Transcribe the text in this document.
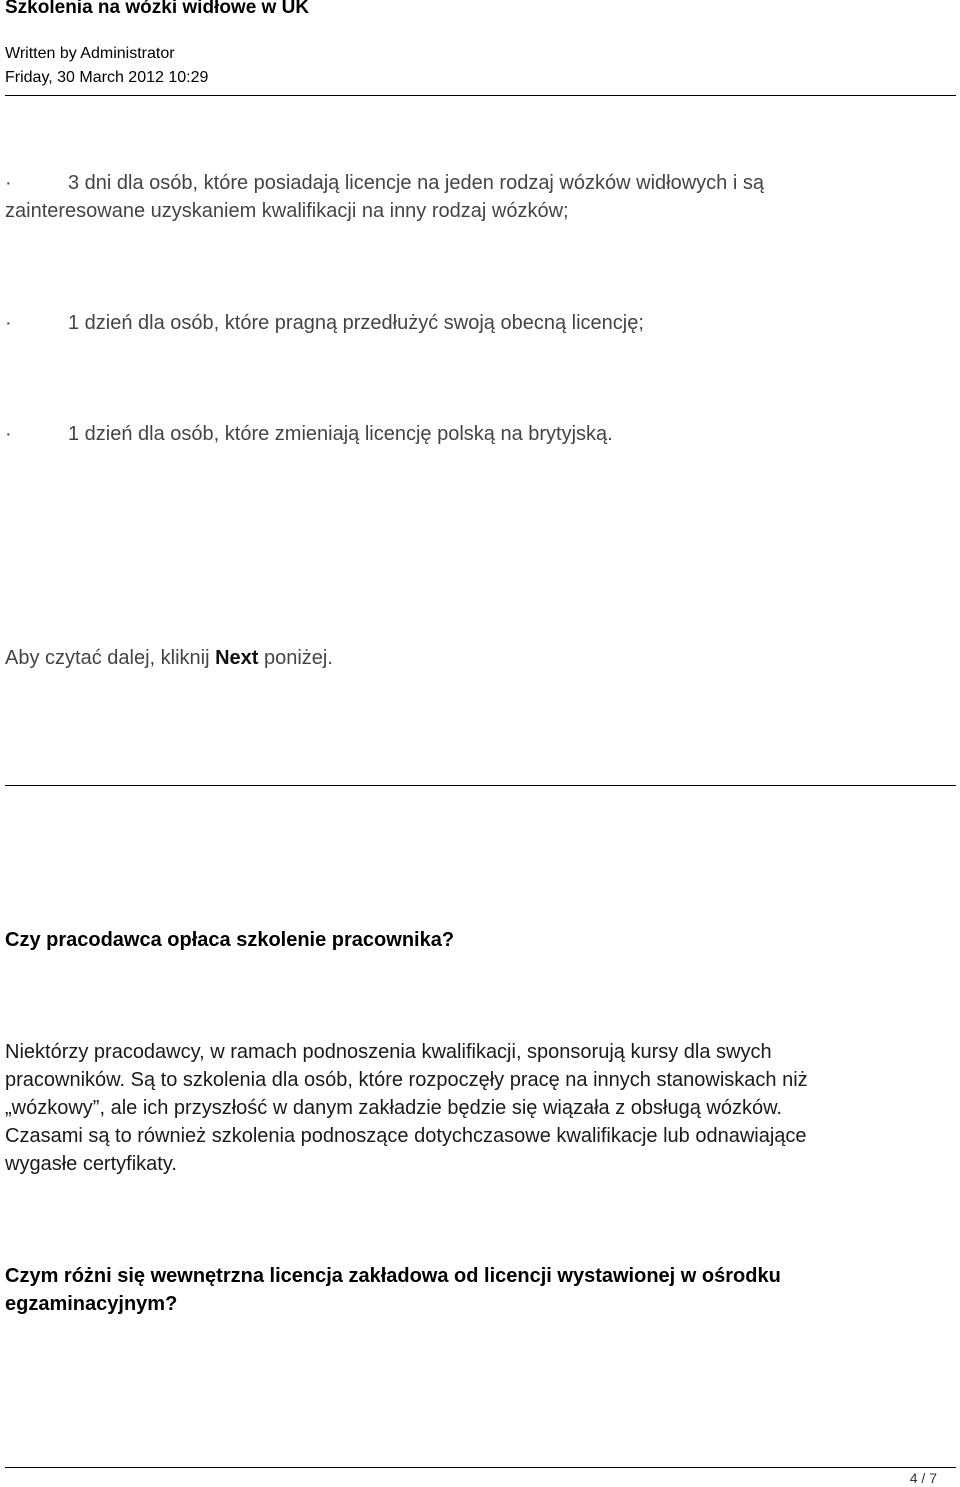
Szkolenia na wózki widłowe w UK
Written by Administrator
Friday, 30 March 2012 10:29
·	3 dni dla osób, które posiadają licencje na jeden rodzaj wózków widłowych i są
zainteresowane uzyskaniem kwalifikacji na inny rodzaj wózków;
·	1 dzień dla osób, które pragną przedłużyć swoją obecną licencję;
·	1 dzień dla osób, które zmieniają licencję polską na brytyjską.
Aby czytać dalej, kliknij Next poniżej.
Czy pracodawca opłaca szkolenie pracownika?
Niektórzy pracodawcy, w ramach podnoszenia kwalifikacji, sponsorują kursy dla swych
pracowników. Są to szkolenia dla osób, które rozpoczęły pracę na innych stanowiskach niż
„wózkowy”, ale ich przyszłość w danym zakładzie będzie się wiązała z obsługą wózków.
Czasami są to również szkolenia podnoszące dotychczasowe kwalifikacje lub odnawiające
wygasłe certyfikaty.
Czym różni się wewnętrzna licencja zakładowa od licencji wystawionej w ośrodku
egzaminacyjnym?
4 / 7
